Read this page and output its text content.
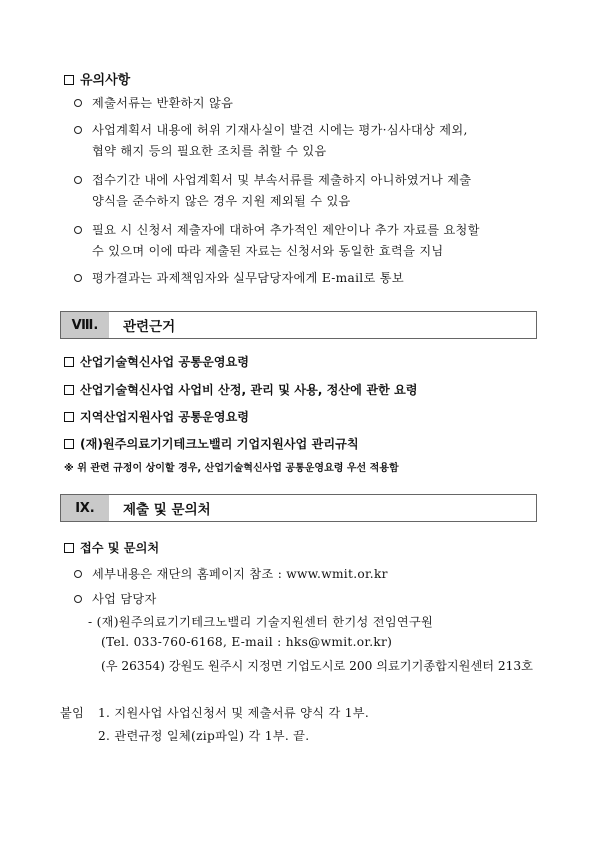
유의사항
제출서류는 반환하지 않음
사업계획서 내용에 허위 기재사실이 발견 시에는 평가·심사대상 제외,
협약 해지 등의 필요한 조치를 취할 수 있음
접수기간 내에 사업계획서 및 부속서류를 제출하지 아니하였거나 제출
양식을 준수하지 않은 경우 지원 제외될 수 있음
필요 시 신청서 제출자에 대하여 추가적인 제안이나 추가 자료를 요청할
수 있으며 이에 따라 제출된 자료는 신청서와 동일한 효력을 지님
평가결과는 과제책임자와 실무담당자에게 E-mail로 통보
Ⅷ.	관련근거
산업기술혁신사업 공통운영요령
산업기술혁신사업 사업비 산정, 관리 및 사용, 정산에 관한 요령
지역산업지원사업 공통운영요령
(재)원주의료기기테크노밸리 기업지원사업 관리규칙
※ 위 관련 규정이 상이할 경우, 산업기술혁신사업 공통운영요령 우선 적용함
Ⅸ.	제출 및 문의처
접수 및 문의처
세부내용은 재단의 홈페이지 참조 : www.wmit.or.kr
사업 담당자
- (재)원주의료기기테크노밸리 기술지원센터 한기성 전임연구원
(Tel. 033-760-6168, E-mail : hks@wmit.or.kr)
(우 26354) 강원도 원주시 지정면 기업도시로 200 의료기기종합지원센터 213호
붙임 1. 지원사업 사업신청서 및 제출서류 양식 각 1부.
2. 관련규정 일체(zip파일) 각 1부. 끝.
